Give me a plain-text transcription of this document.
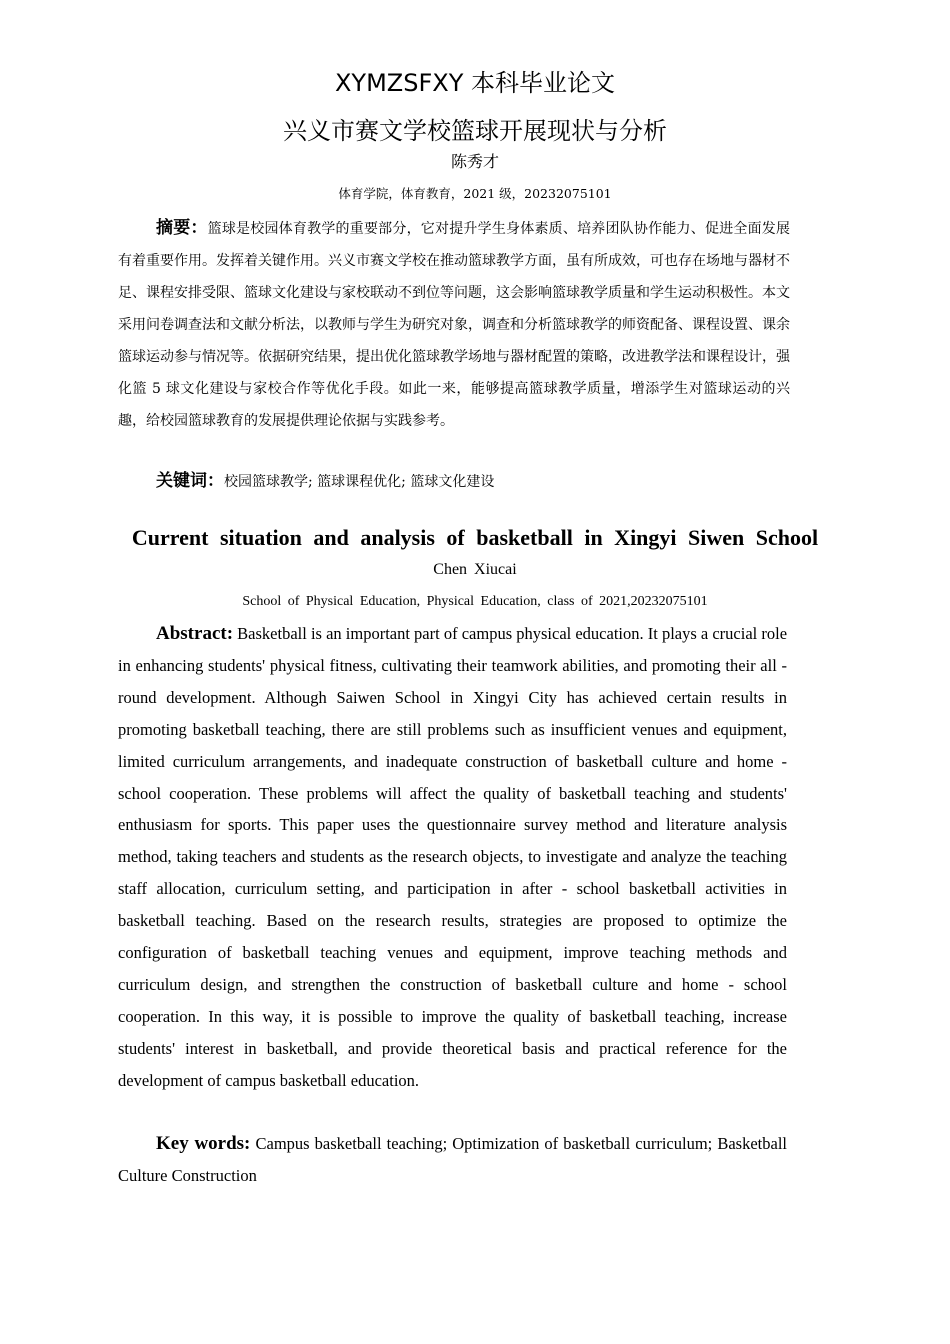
XYMZSFXY 本科毕业论文
兴义市赛文学校篮球开展现状与分析
陈秀才
体育学院，体育教育，2021 级，20232075101
摘要：篮球是校园体育教学的重要部分，它对提升学生身体素质、培养团队协作能力、促进全面发展有着重要作用。发挥着关键作用。兴义市赛文学校在推动篮球教学方面，虽有所成效，可也存在场地与器材不足、课程安排受限、篮球文化建设与家校联动不到位等问题，这会影响篮球教学质量和学生运动积极性。本文采用问卷调查法和文献分析法，以教师与学生为研究对象，调查和分析篮球教学的师资配备、课程设置、课余篮球运动参与情况等。依据研究结果，提出优化篮球教学场地与器材配置的策略，改进教学法和课程设计，强化篮 5 球文化建设与家校合作等优化手段。如此一来，能够提高篮球教学质量，增添学生对篮球运动的兴趣，给校园篮球教育的发展提供理论依据与实践参考。
关键词：校园篮球教学; 篮球课程优化; 篮球文化建设
Current situation and analysis of basketball in Xingyi Siwen School
Chen Xiucai
School of Physical Education, Physical Education, class of 2021,20232075101
Abstract: Basketball is an important part of campus physical education. It plays a crucial role in enhancing students' physical fitness, cultivating their teamwork abilities, and promoting their all - round development. Although Saiwen School in Xingyi City has achieved certain results in promoting basketball teaching, there are still problems such as insufficient venues and equipment, limited curriculum arrangements, and inadequate construction of basketball culture and home - school cooperation. These problems will affect the quality of basketball teaching and students' enthusiasm for sports. This paper uses the questionnaire survey method and literature analysis method, taking teachers and students as the research objects, to investigate and analyze the teaching staff allocation, curriculum setting, and participation in after - school basketball activities in basketball teaching. Based on the research results, strategies are proposed to optimize the configuration of basketball teaching venues and equipment, improve teaching methods and curriculum design, and strengthen the construction of basketball culture and home - school cooperation. In this way, it is possible to improve the quality of basketball teaching, increase students' interest in basketball, and provide theoretical basis and practical reference for the development of campus basketball education.
Key words: Campus basketball teaching; Optimization of basketball curriculum; Basketball Culture Construction
